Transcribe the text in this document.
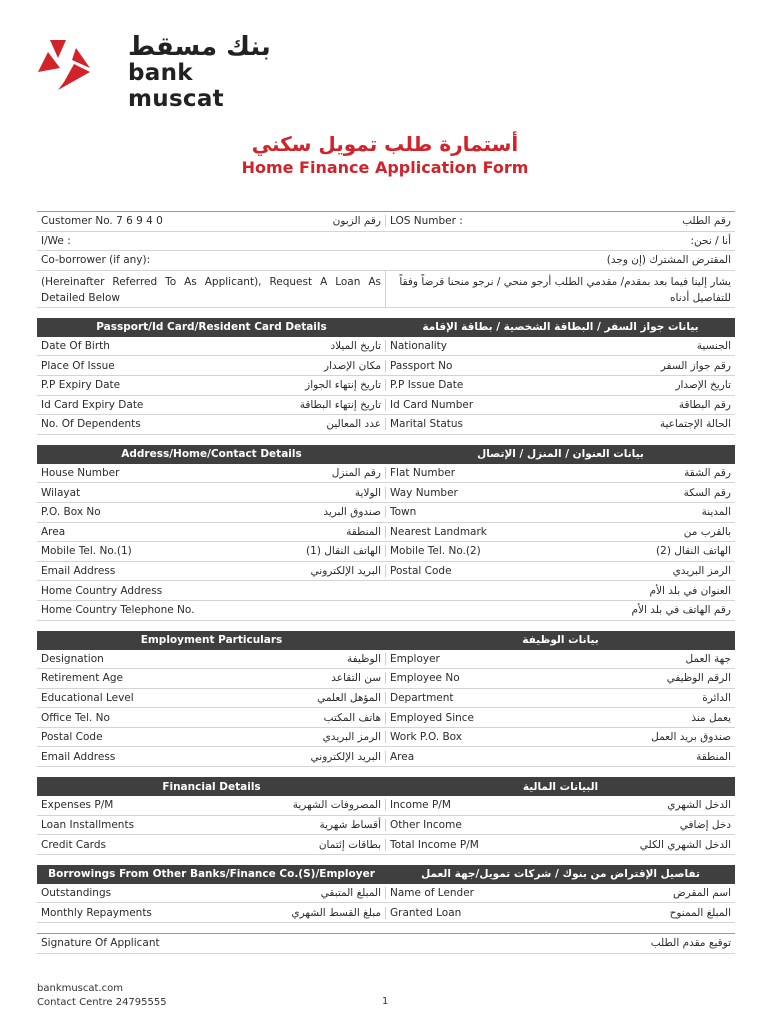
بنك مسقط
bank muscat
أستمارة طلب تمويل سكني
Home Finance Application Form
Customer No. 7 6 9 4 0	رقم الزبون LOS Number :	رقم الطلب
I/We :	أنا / نحن:
Co-borrower (if any):	المقترض المشترك (إن وجد)
(Hereinafter Referred To As Applicant), Request A Loan As Detailed Below
يشار إلينا فيما بعد بمقدم/ مقدمي الطلب أرجو منحي / نرجو منحنا قرضاً وفقاً للتفاصيل أدناه
Passport/Id Card/Resident Card Details	بيانات جواز السفر / البطاقة الشخصية / بطاقة الإقامة
Date Of Birth	تاريخ الميلاد Nationality	الجنسية
Place Of Issue	مكان الإصدار Passport No	رقم جواز السفر
P.P Expiry Date	تاريخ إنتهاء الجواز P.P Issue Date	تاريخ الإصدار
Id Card Expiry Date	تاريخ إنتهاء البطاقة Id Card Number	رقم البطاقة
No. Of Dependents	عدد المعالين Marital Status	الحالة الإجتماعية
Address/Home/Contact Details	بيانات العنوان / المنزل / الإتصال
House Number	رقم المنزل Flat Number	رقم الشقة
Wilayat	الولاية Way Number	رقم السكة
P.O. Box No	صندوق البريد Town	المدينة
Area	المنطقة Nearest Landmark	بالقرب من
Mobile Tel. No.(1)	الهاتف النقال (1) Mobile Tel. No.(2)	الهاتف النقال (2)
Email Address	البريد الإلكتروني Postal Code	الرمز البريدي
Home Country Address	العنوان في بلد الأم
Home Country Telephone No.	رقم الهاتف في بلد الأم
Employment Particulars	بيانات الوظيفة
Designation	الوظيفة Employer	جهة العمل
Retirement Age	سن التقاعد Employee No	الرقم الوظيفي
Educational Level	المؤهل العلمي Department	الدائرة
Office Tel. No	هاتف المكتب Employed Since	يعمل منذ
Postal Code	الرمز البريدي Work P.O. Box	صندوق بريد العمل
Email Address	البريد الإلكتروني Area	المنطقة
Financial Details	البيانات المالية
Expenses P/M	المصروفات الشهرية Income P/M	الدخل الشهري
Loan Installments	أقساط شهرية Other Income	دخل إضافي
Credit Cards	بطاقات إئتمان Total Income P/M	الدخل الشهري الكلي
Borrowings From Other Banks/Finance Co.(S)/Employer	تفاصيل الإقتراض من بنوك / شركات تمويل/جهة العمل
Outstandings	المبلغ المتبقي Name of Lender	اسم المقرض
Monthly Repayments	مبلغ القسط الشهري Granted Loan	المبلغ الممنوح
Signature Of Applicant	توقيع مقدم الطلب
bankmuscat.com
Contact Centre 24795555	1
